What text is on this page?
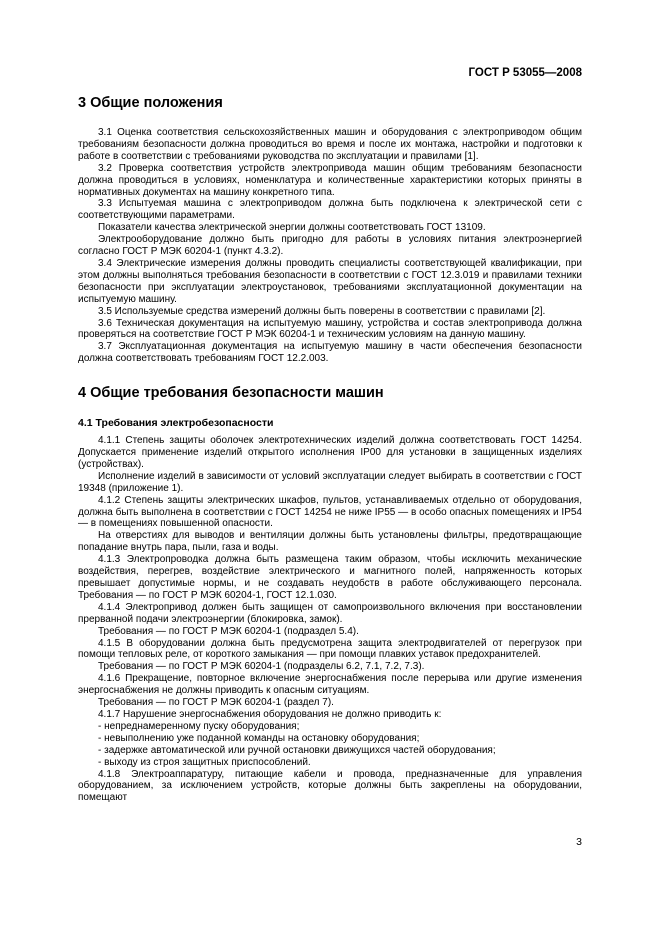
ГОСТ Р 53055—2008
3 Общие положения

3.1 Оценка соответствия сельскохозяйственных машин и оборудования с электроприводом общим требованиям безопасности должна проводиться во время и после их монтажа, настройки и подготовки к работе в соответствии с требованиями руководства по эксплуатации и правилами [1].

3.2 Проверка соответствия устройств электропривода машин общим требованиям безопасности должна проводиться в условиях, номенклатура и количественные характеристики которых приняты в нормативных документах на машину конкретного типа.

3.3 Испытуемая машина с электроприводом должна быть подключена к электрической сети с соответствующими параметрами.

Показатели качества электрической энергии должны соответствовать ГОСТ 13109.

Электрооборудование должно быть пригодно для работы в условиях питания электроэнергией согласно ГОСТ Р МЭК 60204-1 (пункт 4.3.2).

3.4 Электрические измерения должны проводить специалисты соответствующей квалификации, при этом должны выполняться требования безопасности в соответствии с ГОСТ 12.3.019 и правилами техники безопасности при эксплуатации электроустановок, требованиями эксплуатационной документации на испытуемую машину.

3.5 Используемые средства измерений должны быть поверены в соответствии с правилами [2].

3.6 Техническая документация на испытуемую машину, устройства и состав электропривода должна проверяться на соответствие ГОСТ Р МЭК 60204-1 и техническим условиям на данную машину.

3.7 Эксплуатационная документация на испытуемую машину в части обеспечения безопасности должна соответствовать требованиям ГОСТ 12.2.003.

4 Общие требования безопасности машин
4.1 Требования электробезопасности

4.1.1 Степень защиты оболочек электротехнических изделий должна соответствовать ГОСТ 14254. Допускается применение изделий открытого исполнения IP00 для установки в защищенных изделиях (устройствах).

Исполнение изделий в зависимости от условий эксплуатации следует выбирать в соответствии с ГОСТ 19348 (приложение 1).

4.1.2 Степень защиты электрических шкафов, пультов, устанавливаемых отдельно от оборудования, должна быть выполнена в соответствии с ГОСТ 14254 не ниже IP55 — в особо опасных помещениях и IP54 — в помещениях повышенной опасности.

На отверстиях для выводов и вентиляции должны быть установлены фильтры, предотвращающие попадание внутрь пара, пыли, газа и воды.

4.1.3 Электропроводка должна быть размещена таким образом, чтобы исключить механические воздействия, перегрев, воздействие электрического и магнитного полей, напряженность которых превышает допустимые нормы, и не создавать неудобств в работе обслуживающего персонала. Требования — по ГОСТ Р МЭК 60204-1, ГОСТ 12.1.030.

4.1.4 Электропривод должен быть защищен от самопроизвольного включения при восстановлении прерванной подачи электроэнергии (блокировка, замок).

Требования — по ГОСТ Р МЭК 60204-1 (подраздел 5.4).

4.1.5 В оборудовании должна быть предусмотрена защита электродвигателей от перегрузок при помощи тепловых реле, от короткого замыкания — при помощи плавких уставок предохранителей.

Требования — по ГОСТ Р МЭК 60204-1 (подразделы 6.2, 7.1, 7.2, 7.3).

4.1.6 Прекращение, повторное включение энергоснабжения после перерыва или другие изменения энергоснабжения не должны приводить к опасным ситуациям.

Требования — по ГОСТ Р МЭК 60204-1 (раздел 7).

4.1.7 Нарушение энергоснабжения оборудования не должно приводить к:

- непреднамеренному пуску оборудования;

- невыполнению уже поданной команды на остановку оборудования;

- задержке автоматической или ручной остановки движущихся частей оборудования;

- выходу из строя защитных приспособлений.

4.1.8 Электроаппаратуру, питающие кабели и провода, предназначенные для управления оборудованием, за исключением устройств, которые должны быть закреплены на оборудовании, помещают

3
